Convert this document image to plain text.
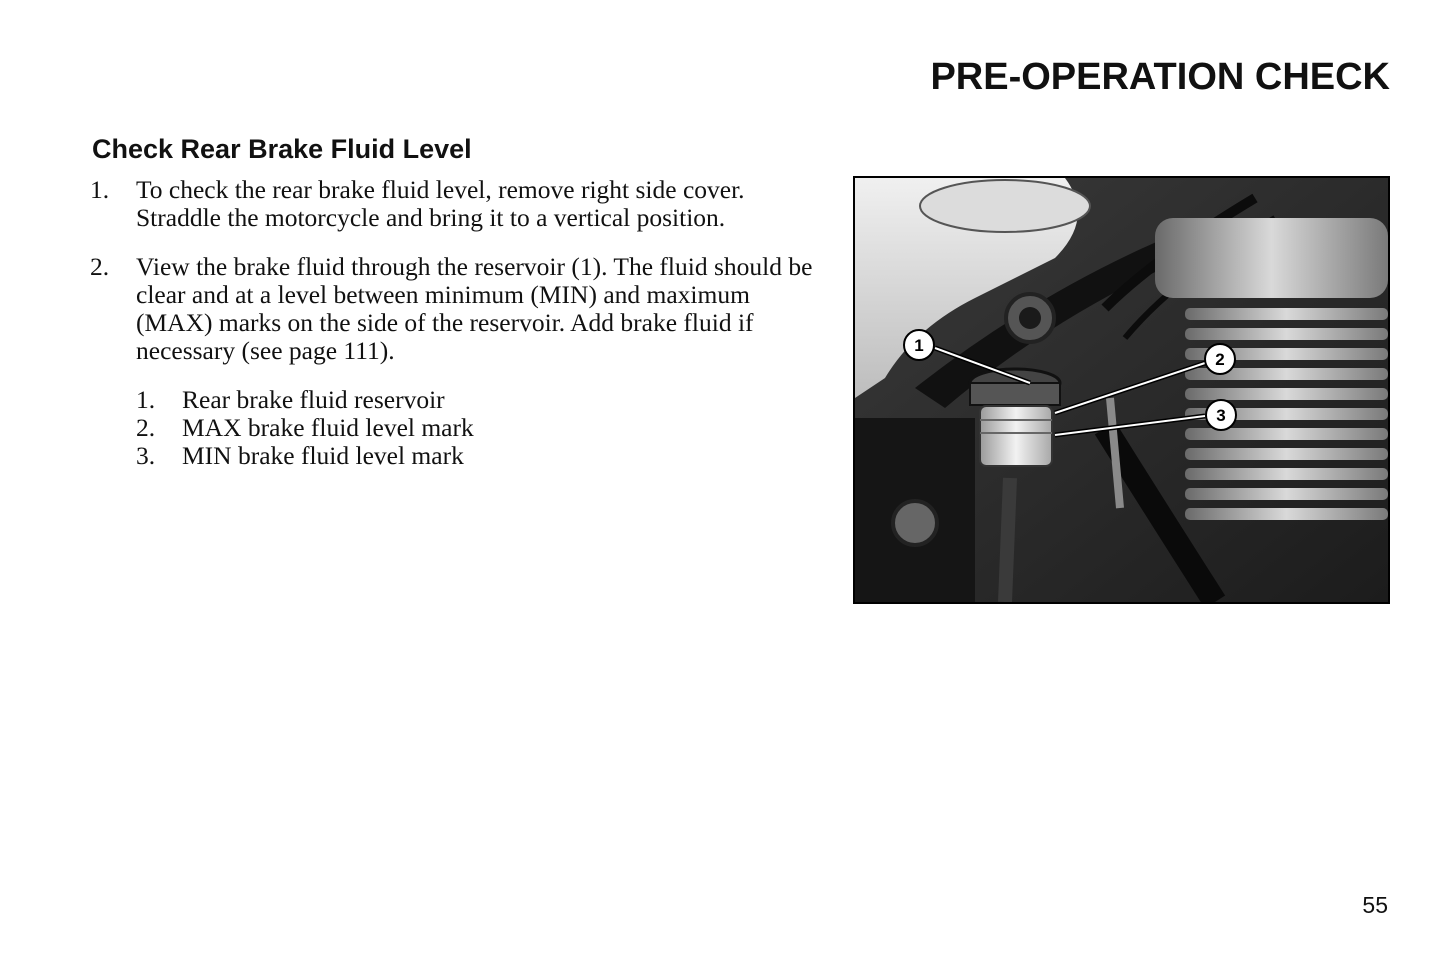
PRE-OPERATION CHECK
Check Rear Brake Fluid Level
1.	To check the rear brake fluid level, remove right side cover. Straddle the motorcycle and bring it to a vertical position.
2.	View the brake fluid through the reservoir (1). The fluid should be clear and at a level between minimum (MIN) and maximum (MAX) marks on the side of the reservoir. Add brake fluid if necessary (see page 111).
1.	Rear brake fluid reservoir
2.	MAX brake fluid level mark
3.	MIN brake fluid level mark
1
2
3
55
